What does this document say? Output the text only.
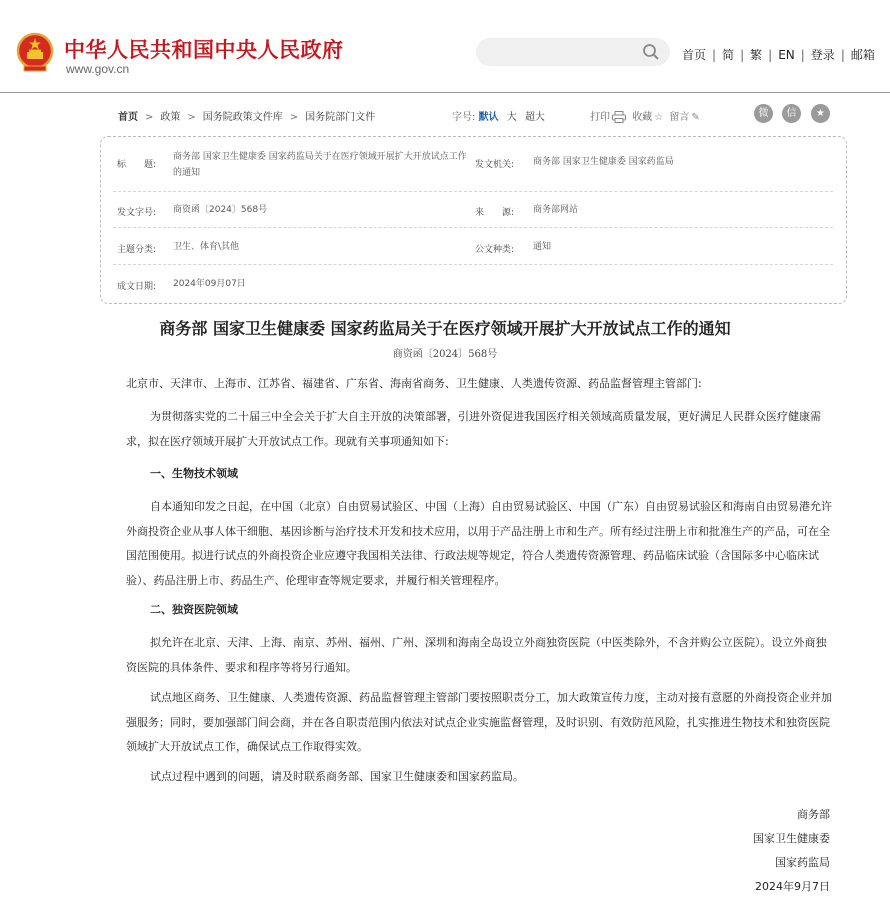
中华人民共和国中央人民政府
www.gov.cn
首页 | 简 | 繁 | EN | 登录 | 邮箱
首页 > 政策 > 国务院政策文件库 > 国务院部门文件	字号: 默认 大 超大	打印 收藏 ☆ 留言 ✎	微	信	★
标　　题:
商务部 国家卫生健康委 国家药监局关于在医疗领域开展扩大开放试点工作的通知
发文机关: 商务部 国家卫生健康委 国家药监局
发文字号: 商资函〔2024〕568号	来　　源: 商务部网站
主题分类: 卫生、体育\其他	公文种类: 通知
成文日期: 2024年09月07日
商务部 国家卫生健康委 国家药监局关于在医疗领域开展扩大开放试点工作的通知
商资函〔2024〕568号
北京市、天津市、上海市、江苏省、福建省、广东省、海南省商务、卫生健康、人类遗传资源、药品监督管理主管部门:
为贯彻落实党的二十届三中全会关于扩大自主开放的决策部署，引进外资促进我国医疗相关领域高质量发展，更好满足人民群众医疗健康需求，拟在医疗领域开展扩大开放试点工作。现就有关事项通知如下:
一、生物技术领域
自本通知印发之日起，在中国（北京）自由贸易试验区、中国（上海）自由贸易试验区、中国（广东）自由贸易试验区和海南自由贸易港允许外商投资企业从事人体干细胞、基因诊断与治疗技术开发和技术应用，以用于产品注册上市和生产。所有经过注册上市和批准生产的产品，可在全国范围使用。拟进行试点的外商投资企业应遵守我国相关法律、行政法规等规定，符合人类遗传资源管理、药品临床试验（含国际多中心临床试验）、药品注册上市、药品生产、伦理审查等规定要求，并履行相关管理程序。
二、独资医院领域
拟允许在北京、天津、上海、南京、苏州、福州、广州、深圳和海南全岛设立外商独资医院（中医类除外，不含并购公立医院）。设立外商独资医院的具体条件、要求和程序等将另行通知。
试点地区商务、卫生健康、人类遗传资源、药品监督管理主管部门要按照职责分工，加大政策宣传力度，主动对接有意愿的外商投资企业并加强服务；同时，要加强部门间会商，并在各自职责范围内依法对试点企业实施监督管理，及时识别、有效防范风险，扎实推进生物技术和独资医院领域扩大开放试点工作，确保试点工作取得实效。
试点过程中遇到的问题，请及时联系商务部、国家卫生健康委和国家药监局。
商务部
国家卫生健康委
国家药监局
2024年9月7日
